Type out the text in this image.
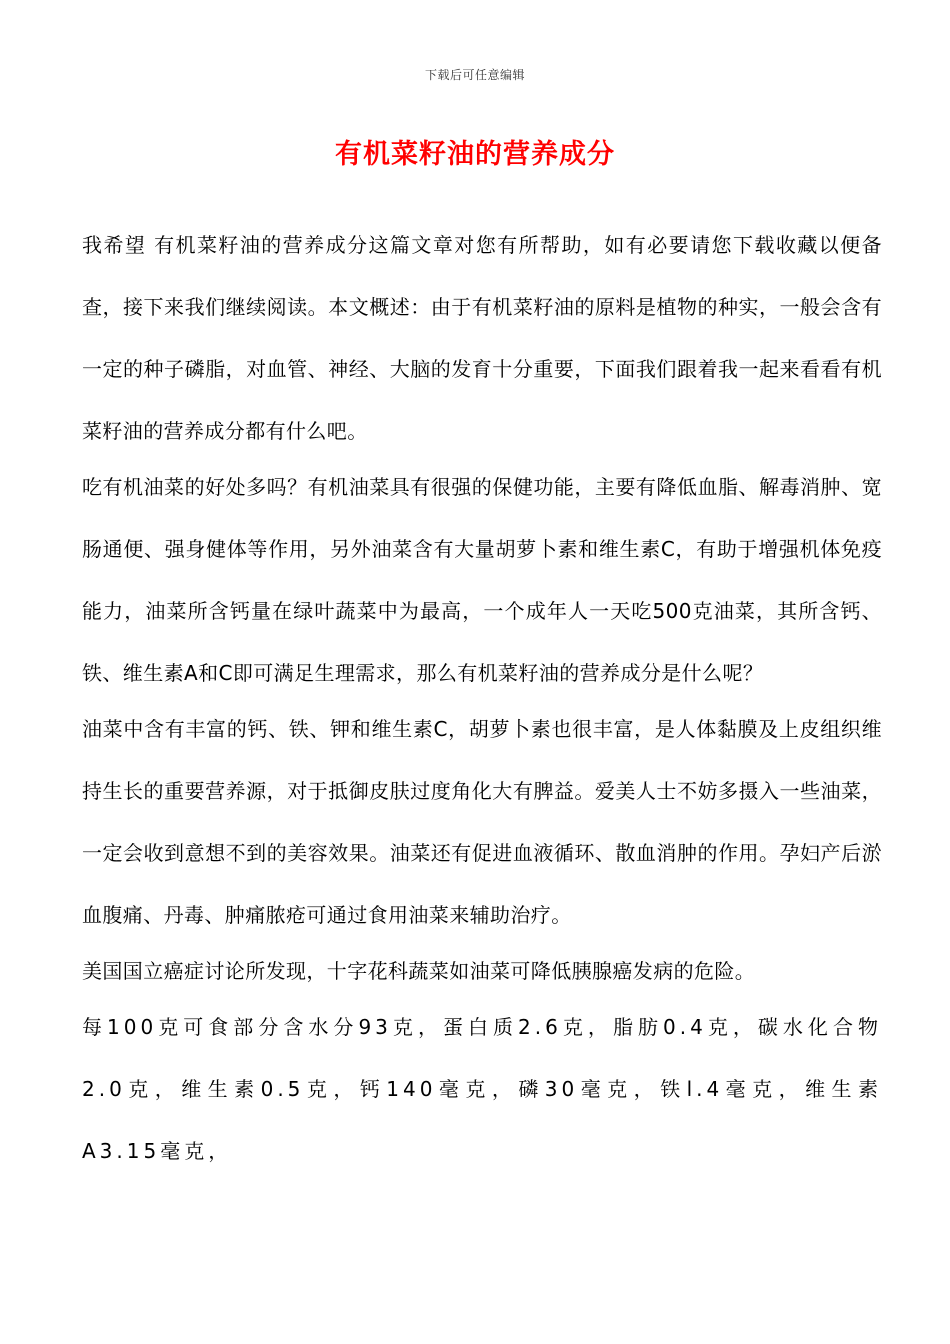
下载后可任意编辑
有机菜籽油的营养成分

我希望 有机菜籽油的营养成分这篇文章对您有所帮助，如有必要请您下载收藏以便备查，接下来我们继续阅读。本文概述：由于有机菜籽油的原料是植物的种实，一般会含有一定的种子磷脂，对血管、神经、大脑的发育十分重要，下面我们跟着我一起来看看有机菜籽油的营养成分都有什么吧。

吃有机油菜的好处多吗？有机油菜具有很强的保健功能，主要有降低血脂、解毒消肿、宽肠通便、强身健体等作用，另外油菜含有大量胡萝卜素和维生素C，有助于增强机体免疫能力，油菜所含钙量在绿叶蔬菜中为最高，一个成年人一天吃500克油菜，其所含钙、铁、维生素A和C即可满足生理需求，那么有机菜籽油的营养成分是什么呢？

油菜中含有丰富的钙、铁、钾和维生素C，胡萝卜素也很丰富，是人体黏膜及上皮组织维持生长的重要营养源，对于抵御皮肤过度角化大有脾益。爱美人士不妨多摄入一些油菜，一定会收到意想不到的美容效果。油菜还有促进血液循环、散血消肿的作用。孕妇产后淤血腹痛、丹毒、肿痛脓疮可通过食用油菜来辅助治疗。

美国国立癌症讨论所发现，十字花科蔬菜如油菜可降低胰腺癌发病的危险。

每100克可食部分含水分93克，蛋白质2.6克，脂肪0.4克，碳水化合物2.0克，维生素0.5克，钙140毫克，磷30毫克，铁l.4毫克，维生素A3.15毫克，
